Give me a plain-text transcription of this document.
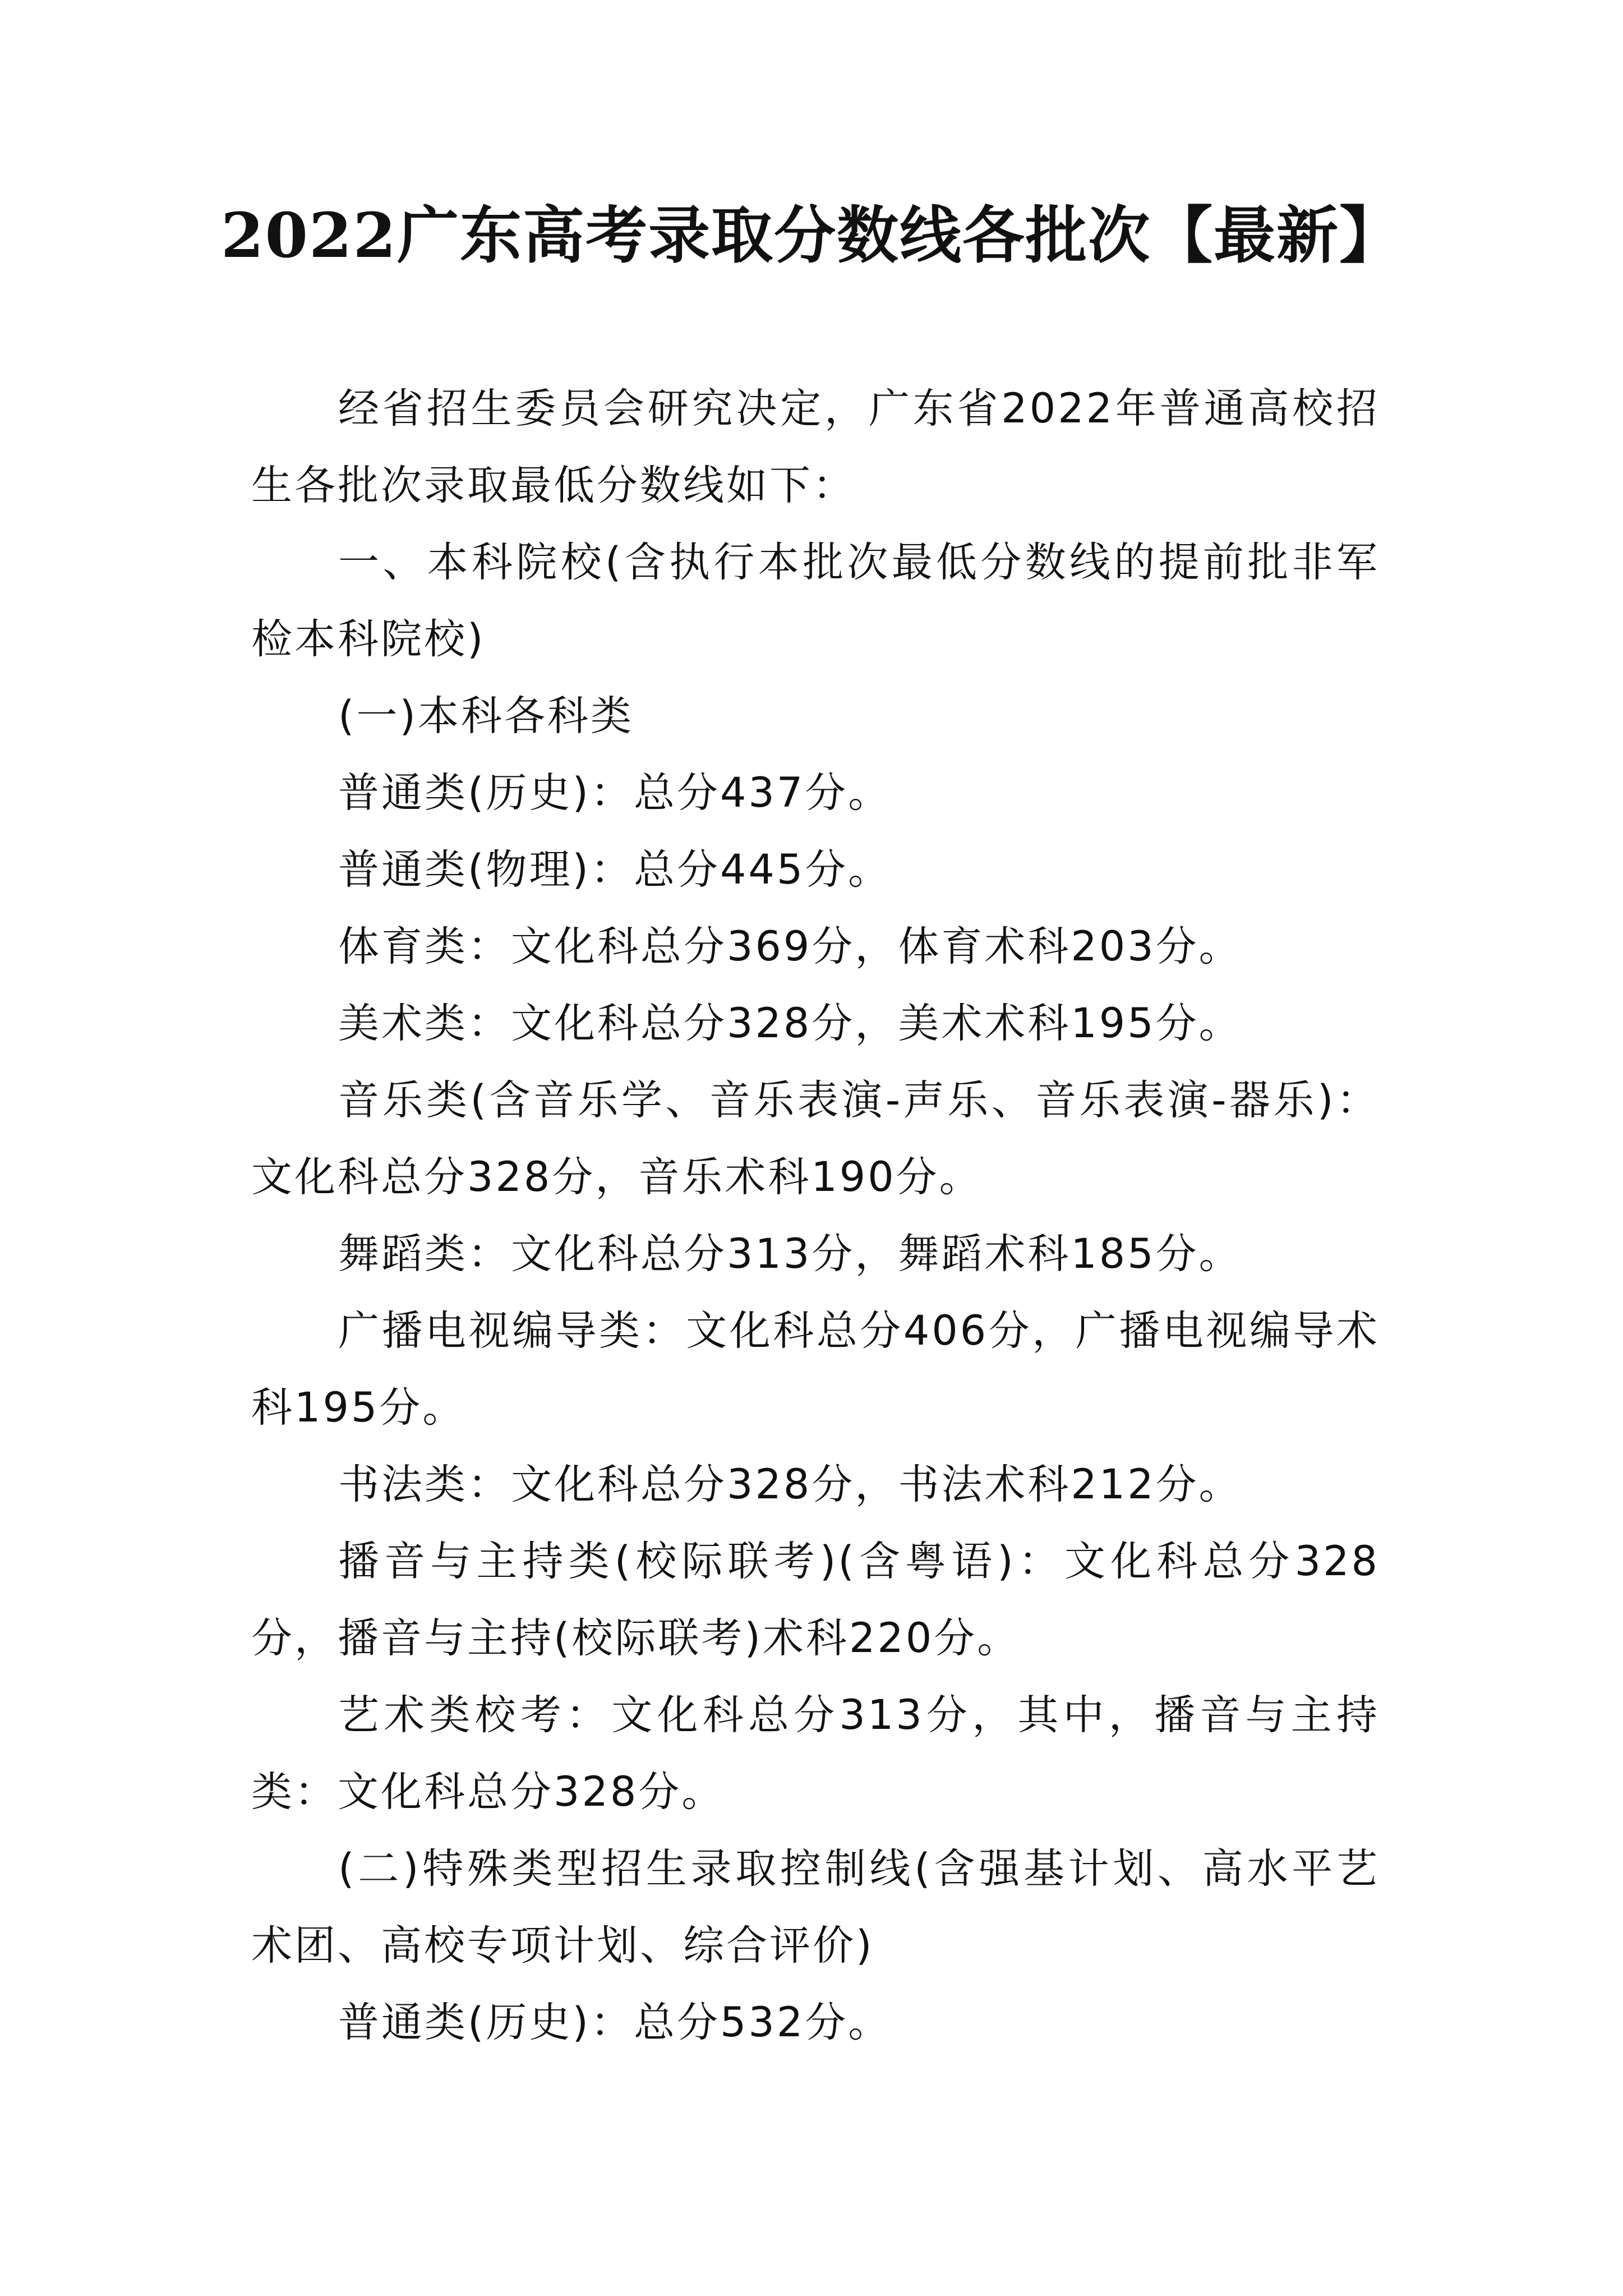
2022广东高考录取分数线各批次【最新】

经省招生委员会研究决定，广东省2022年普通高校招生各批次录取最低分数线如下：

一、本科院校(含执行本批次最低分数线的提前批非军检本科院校)

(一)本科各科类

普通类(历史)：总分437分。

普通类(物理)：总分445分。

体育类：文化科总分369分，体育术科203分。

美术类：文化科总分328分，美术术科195分。

音乐类(含音乐学、音乐表演-声乐、音乐表演-器乐)：文化科总分328分，音乐术科190分。

舞蹈类：文化科总分313分，舞蹈术科185分。

广播电视编导类：文化科总分406分，广播电视编导术科195分。

书法类：文化科总分328分，书法术科212分。

播音与主持类(校际联考)(含粤语)：文化科总分328分，播音与主持(校际联考)术科220分。

艺术类校考：文化科总分313分，其中，播音与主持类：文化科总分328分。

(二)特殊类型招生录取控制线(含强基计划、高水平艺术团、高校专项计划、综合评价)

普通类(历史)：总分532分。
